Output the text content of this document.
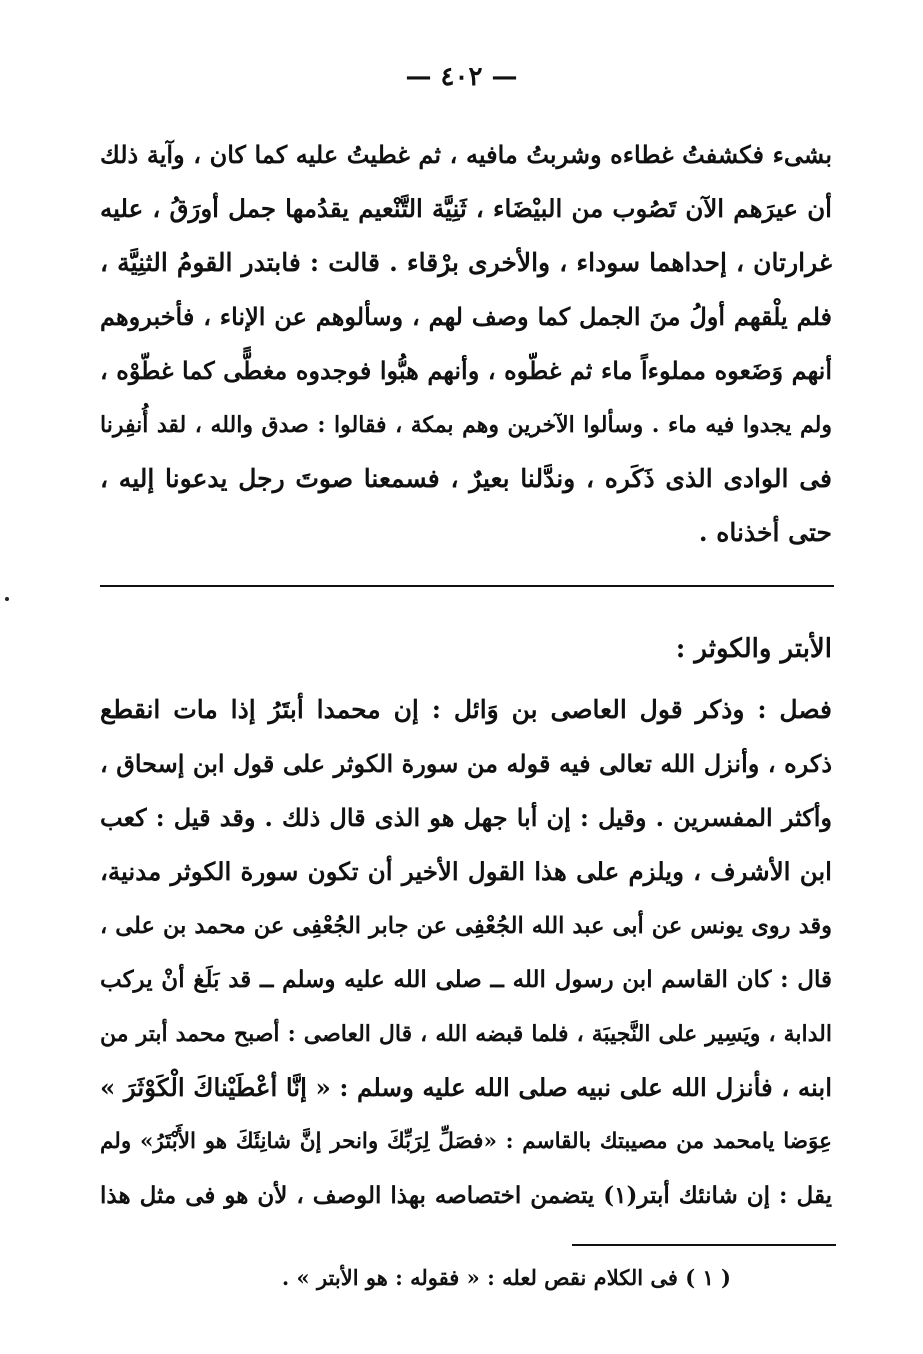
— ٤٠٢ —
بشىء فكشفتُ غطاءه وشربتُ مافيه ، ثم غطيتُ عليه كما كان ، وآية ذلك
أن عيرَهم الآن تَصُوب من البيْضَاء ، ثَنِيَّة التَّنْعيم يقدُمها جمل أورَقُ ، عليه
غرارتان ، إحداهما سوداء ، والأخرى برْقاء . قالت : فابتدر القومُ الثنِيَّة ،
فلم يلْقهم أولُ منَ الجمل كما وصف لهم ، وسألوهم عن الإناء ، فأخبروهم
أنهم وَضَعوه مملوءاً ماء ثم غطّوه ، وأنهم هبُّوا فوجدوه مغطًّى كما غطّوْه ،
ولم يجدوا فيه ماء . وسألوا الآخرين وهم بمكة ، فقالوا : صدق والله ، لقد أُنفِرنا
فى الوادى الذى ذَكَره ، وندَّلنا بعيرٌ ، فسمعنا صوتَ رجل يدعونا إليه ،
حتى أخذناه .
الأبتر والكوثر :
فصل : وذكر قول العاصى بن وَائل : إن محمدا أبتَرُ إذا مات انقطع
ذكره ، وأنزل الله تعالى فيه قوله من سورة الكوثر على قول ابن إسحاق ،
وأكثر المفسرين . وقيل : إن أبا جهل هو الذى قال ذلك . وقد قيل : كعب
ابن الأشرف ، ويلزم على هذا القول الأخير أن تكون سورة الكوثر مدنية،
وقد روى يونس عن أبى عبد الله الجُعْفِى عن جابر الجُعْفِى عن محمد بن على ،
قال : كان القاسم ابن رسول الله ــ صلى الله عليه وسلم ــ قد بَلَغ أنْ يركب
الدابة ، ويَسِير على النَّجيبَة ، فلما قبضه الله ، قال العاصى : أصبح محمد أبتر من
ابنه ، فأنزل الله على نبيه صلى الله عليه وسلم : « إنَّا أعْطَيْناكَ الْكَوْثَرَ »
عِوَضا يامحمد من مصيبتك بالقاسم : «فصَلِّ لِرَبِّكَ وانحر إنَّ شانِئَكَ هو الأَبْتَرُ» ولم
يقل : إن شانئك أبتر(١) يتضمن اختصاصه بهذا الوصف ، لأن هو فى مثل هذا
( ١ ) فى الكلام نقص لعله : « فقوله : هو الأبتر » .
